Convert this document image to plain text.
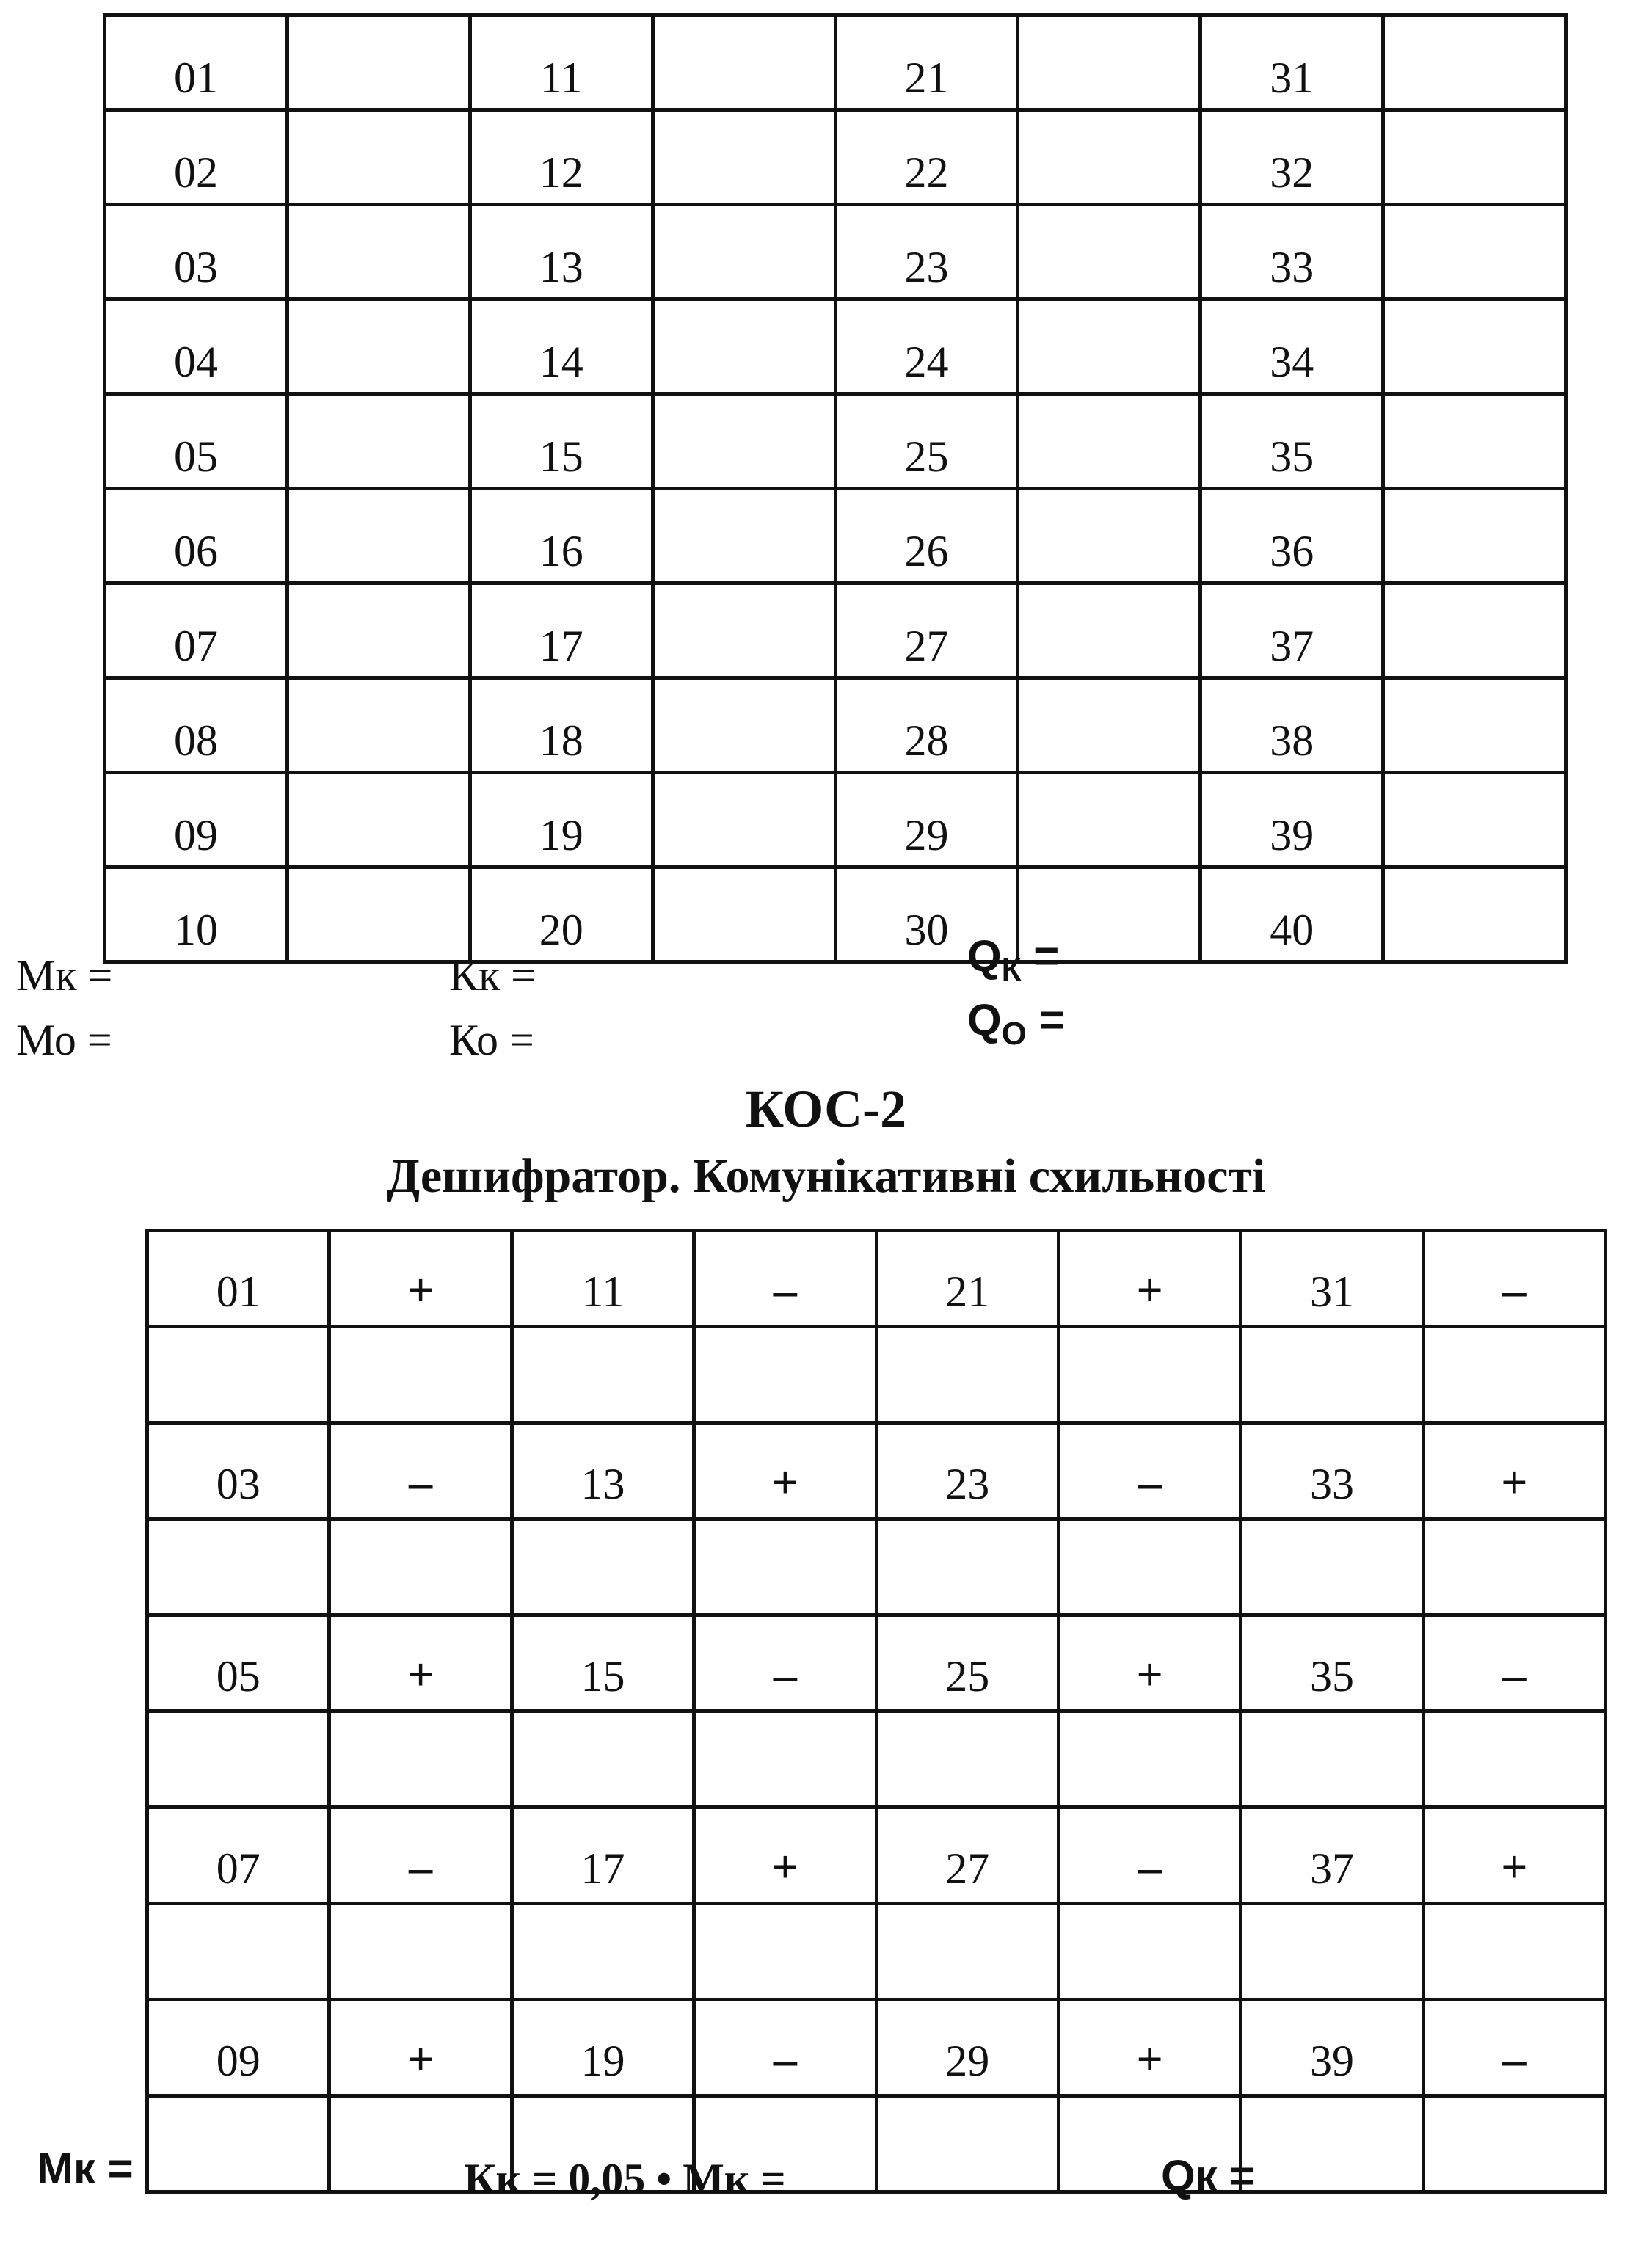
01		11		21		31	
02		12		22		32	
03		13		23		33	
04		14		24		34	
05		15		25		35	
06		16		26		36	
07		17		27		37	
08		18		28		38	
09		19		29		39	
10		20		30		40	
Мк =
Мо =
Кк =
Ко =
$Q_К$ =
$Q_О$ =
КОС-2
Дешифратор. Комунікативні схильності
01	+	11	–	21	+	31	–

03	–	13	+	23	–	33	+

05	+	15	–	25	+	35	–

07	–	17	+	27	–	37	+

09	+	19	–	29	+	39	–

Мк =	Кк = 0,05 • Мк =	Qк =
